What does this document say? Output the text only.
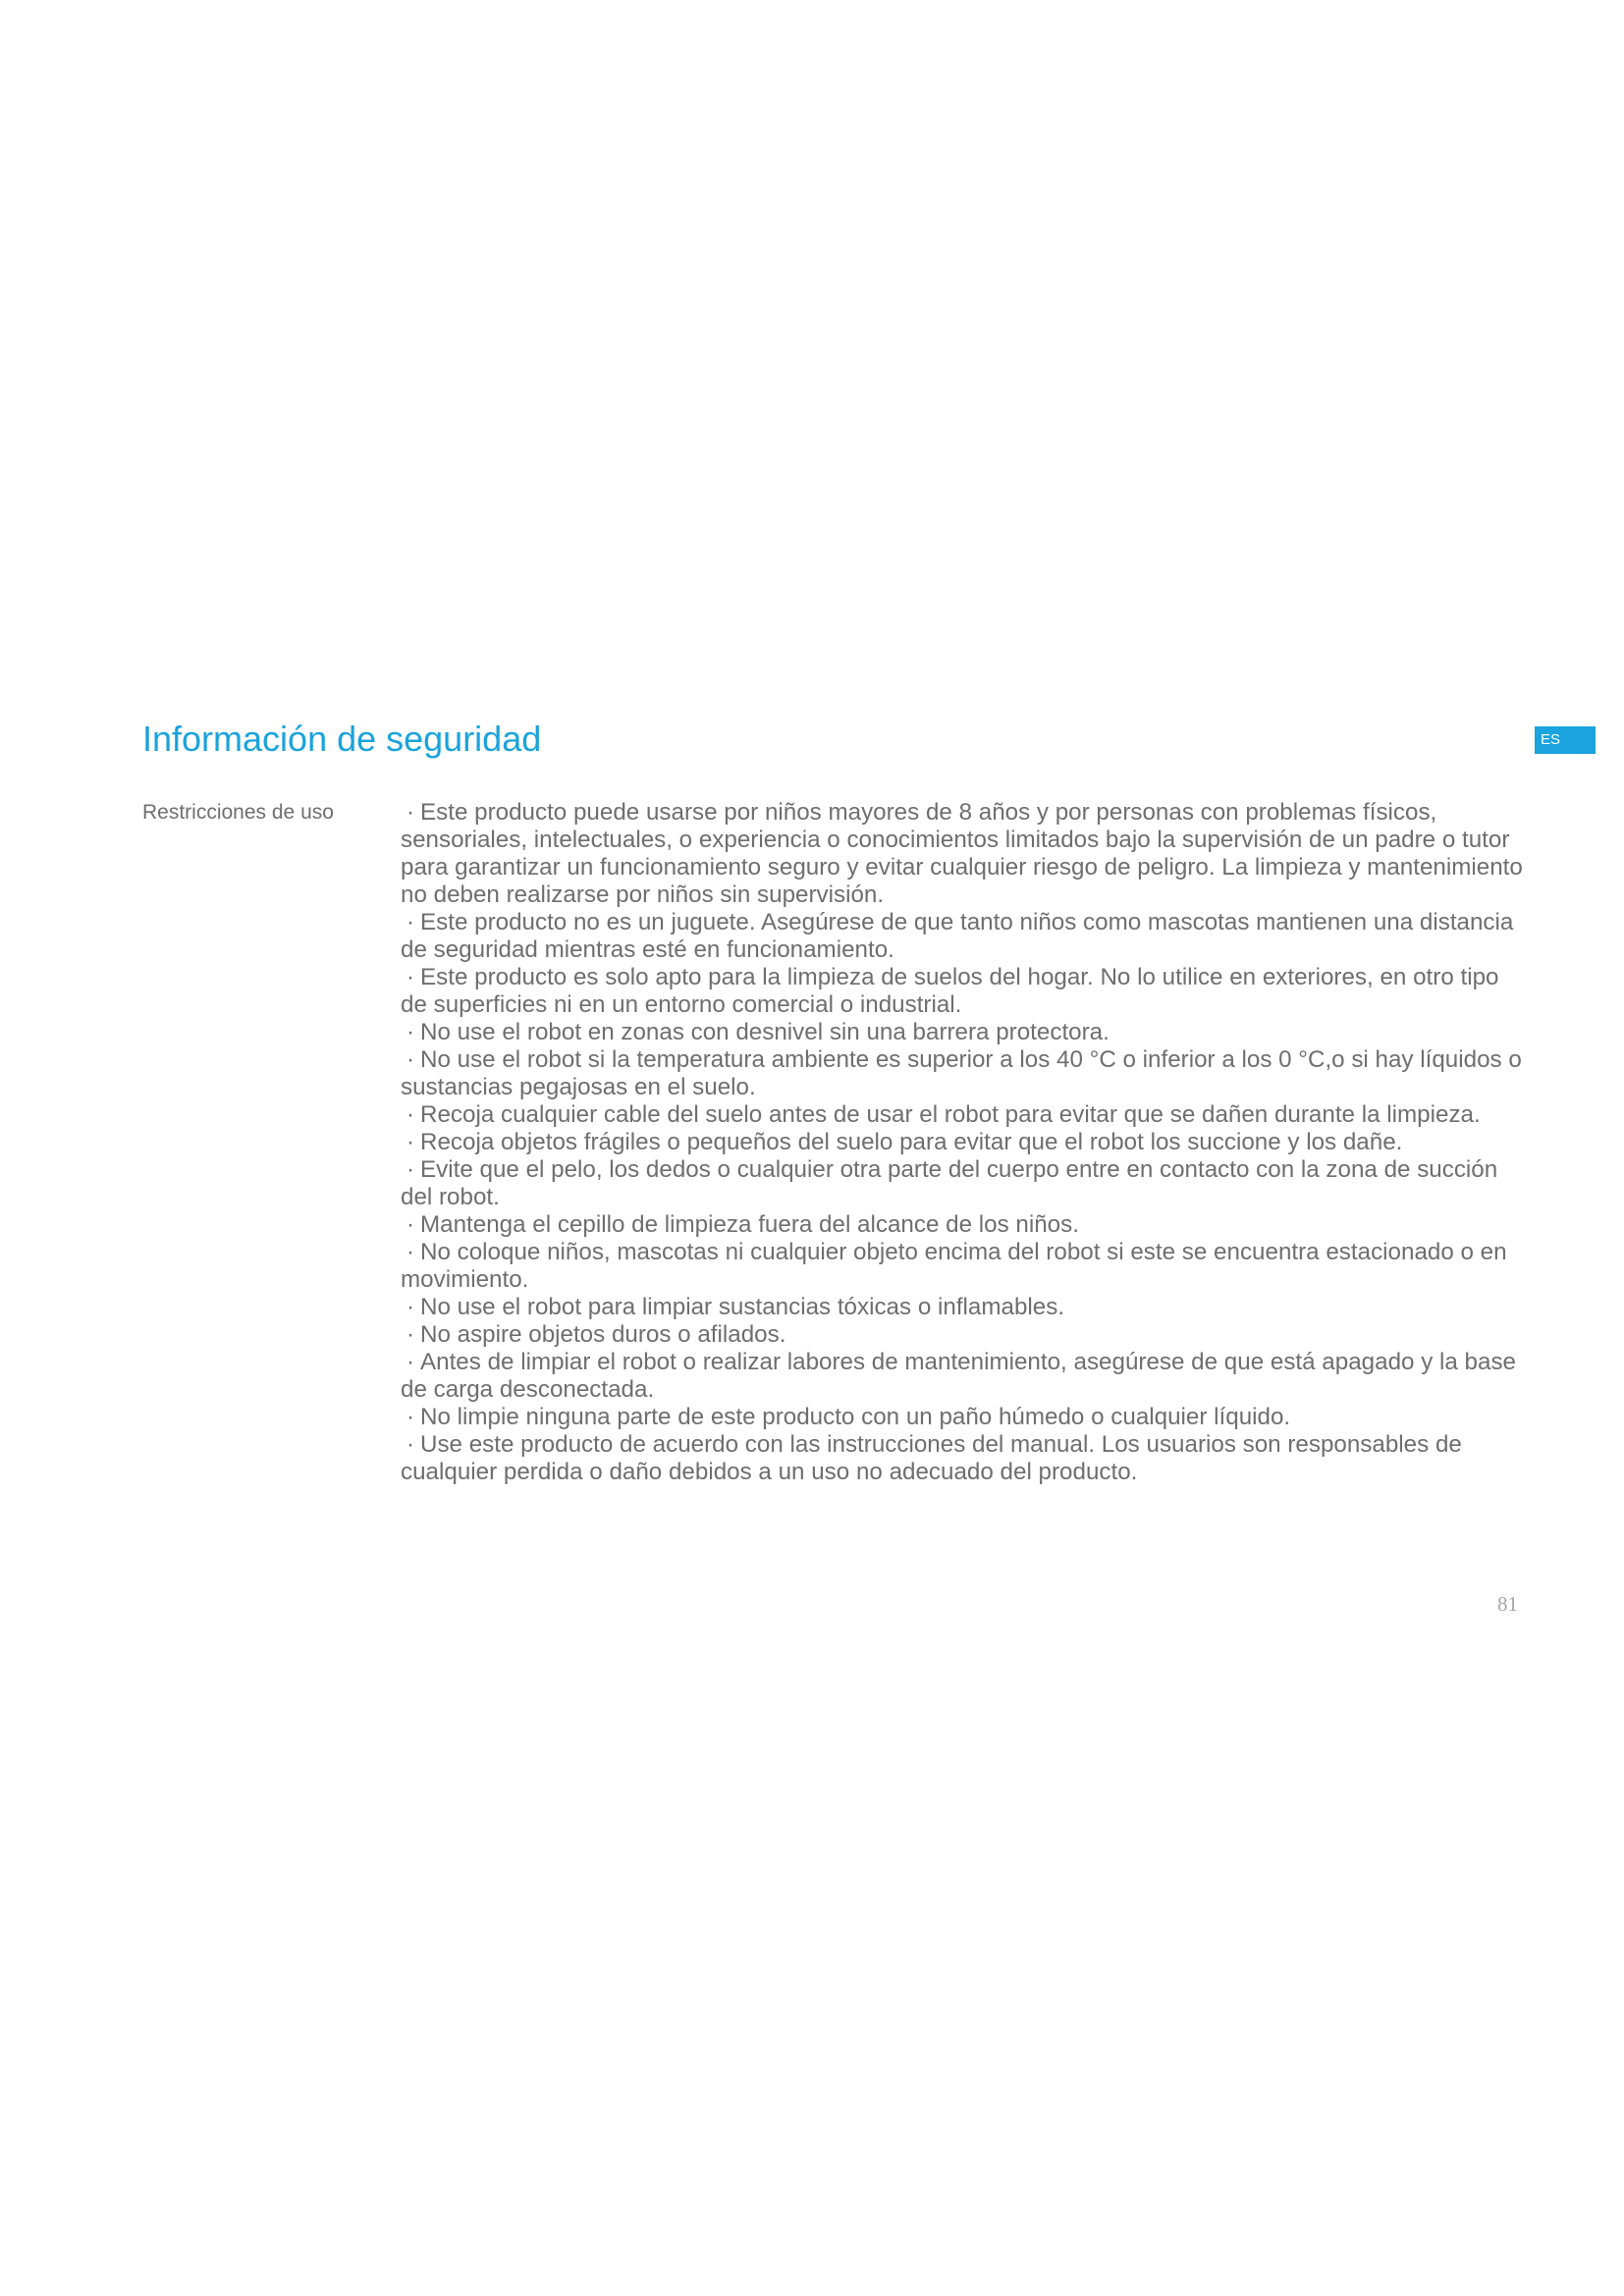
Información de seguridad	ES
Restricciones de uso	· Este producto puede usarse por niños mayores de 8 años y por personas con problemas físicos, sensoriales, intelectuales, o experiencia o conocimientos limitados bajo la supervisión de un padre o tutor para garantizar un funcionamiento seguro y evitar cualquier riesgo de peligro. La limpieza y mantenimiento no deben realizarse por niños sin supervisión.
· Este producto no es un juguete. Asegúrese de que tanto niños como mascotas mantienen una distancia de seguridad mientras esté en funcionamiento.
· Este producto es solo apto para la limpieza de suelos del hogar. No lo utilice en exteriores, en otro tipo de superficies ni en un entorno comercial o industrial.
· No use el robot en zonas con desnivel sin una barrera protectora.
· No use el robot si la temperatura ambiente es superior a los 40 °C o inferior a los 0 °C,o si hay líquidos o sustancias pegajosas en el suelo.
· Recoja cualquier cable del suelo antes de usar el robot para evitar que se dañen durante la limpieza.
· Recoja objetos frágiles o pequeños del suelo para evitar que el robot los succione y los dañe.
· Evite que el pelo, los dedos o cualquier otra parte del cuerpo entre en contacto con la zona de succión del robot.
· Mantenga el cepillo de limpieza fuera del alcance de los niños.
· No coloque niños, mascotas ni cualquier objeto encima del robot si este se encuentra estacionado o en movimiento.
· No use el robot para limpiar sustancias tóxicas o inflamables.
· No aspire objetos duros o afilados.
· Antes de limpiar el robot o realizar labores de mantenimiento, asegúrese de que está apagado y la base de carga desconectada.
· No limpie ninguna parte de este producto con un paño húmedo o cualquier líquido.
· Use este producto de acuerdo con las instrucciones del manual. Los usuarios son responsables de cualquier perdida o daño debidos a un uso no adecuado del producto.
81
